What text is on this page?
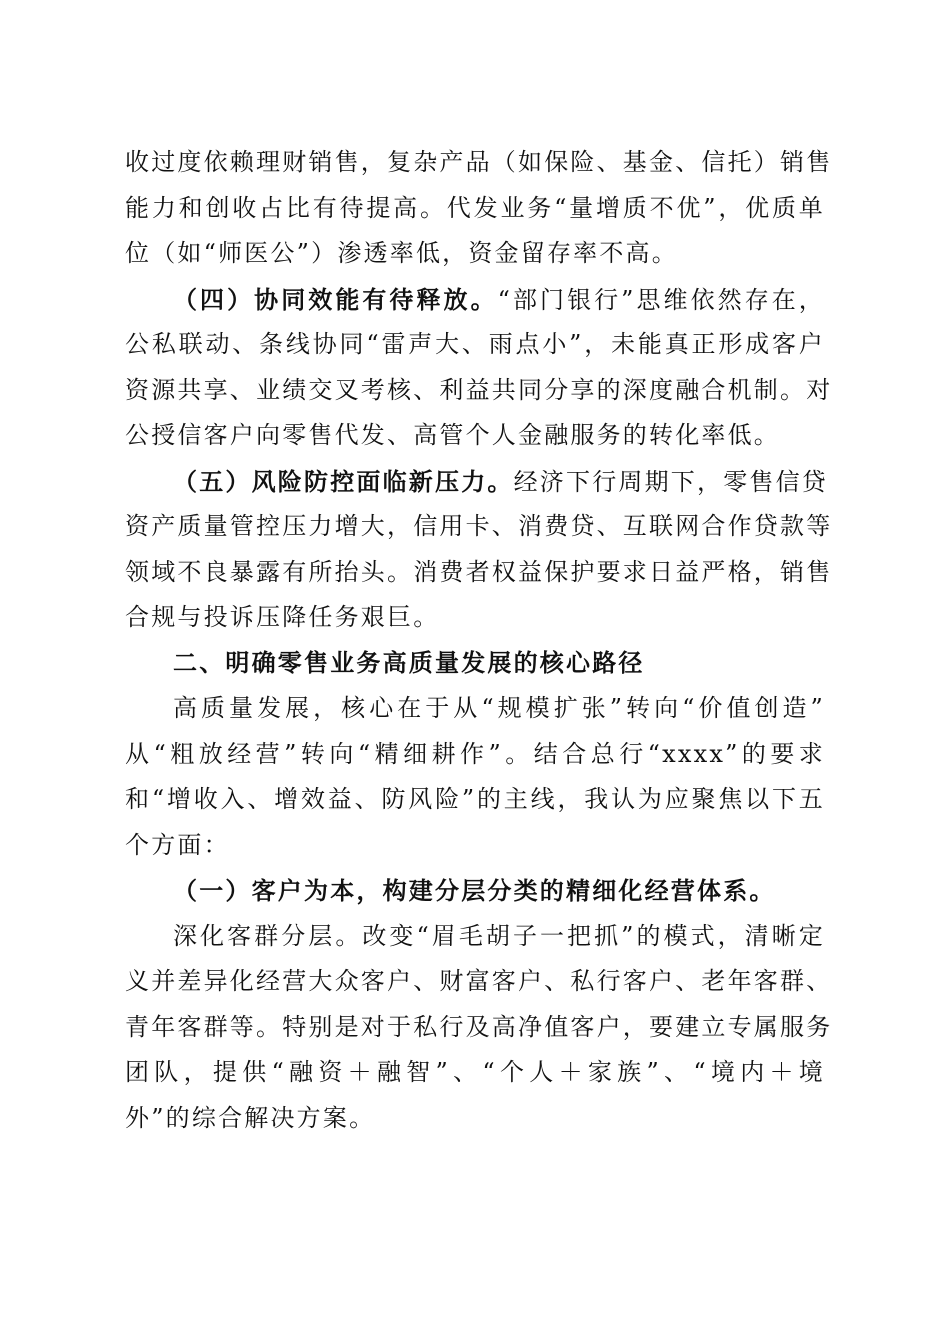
收过度依赖理财销售，复杂产品（如保险、基金、信托）销售
能力和创收占比有待提高。代发业务“量增质不优”，优质单
位（如“师医公”）渗透率低，资金留存率不高。
（四）协同效能有待释放。“部门银行”思维依然存在，
公私联动、条线协同“雷声大、雨点小”，未能真正形成客户
资源共享、业绩交叉考核、利益共同分享的深度融合机制。对
公授信客户向零售代发、高管个人金融服务的转化率低。
（五）风险防控面临新压力。经济下行周期下，零售信贷
资产质量管控压力增大，信用卡、消费贷、互联网合作贷款等
领域不良暴露有所抬头。消费者权益保护要求日益严格，销售
合规与投诉压降任务艰巨。
二、明确零售业务高质量发展的核心路径
高质量发展，核心在于从“规模扩张”转向“价值创造”
从“粗放经营”转向“精细耕作”。结合总行“xxxx”的要求
和“增收入、增效益、防风险”的主线，我认为应聚焦以下五
个方面：
（一）客户为本，构建分层分类的精细化经营体系。
深化客群分层。改变“眉毛胡子一把抓”的模式，清晰定
义并差异化经营大众客户、财富客户、私行客户、老年客群、
青年客群等。特别是对于私行及高净值客户，要建立专属服务
团队，提供“融资＋融智”、“个人＋家族”、“境内＋境
外”的综合解决方案。
